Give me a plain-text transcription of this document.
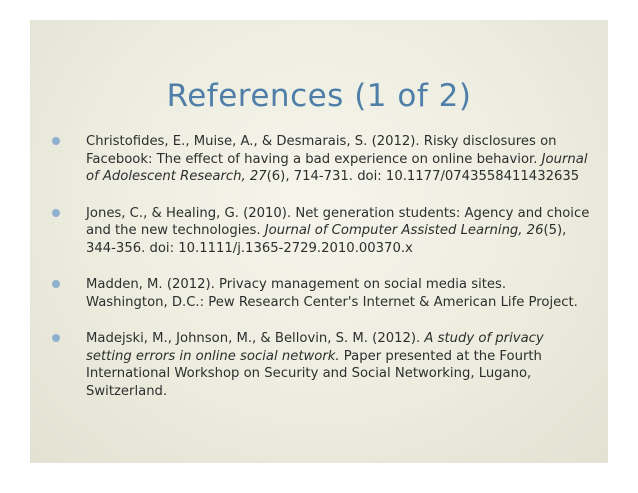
References (1 of 2)
Christofides, E., Muise, A., & Desmarais, S. (2012). Risky disclosures on Facebook: The effect of having a bad experience on online behavior. Journal of Adolescent Research, 27(6), 714-731. doi: 10.1177/0743558411432635
Jones, C., & Healing, G. (2010). Net generation students: Agency and choice and the new technologies. Journal of Computer Assisted Learning, 26(5), 344-356. doi: 10.1111/j.1365-2729.2010.00370.x
Madden, M. (2012). Privacy management on social media sites. Washington, D.C.: Pew Research Center's Internet & American Life Project.
Madejski, M., Johnson, M., & Bellovin, S. M. (2012). A study of privacy setting errors in online social network. Paper presented at the Fourth International Workshop on Security and Social Networking, Lugano, Switzerland.
